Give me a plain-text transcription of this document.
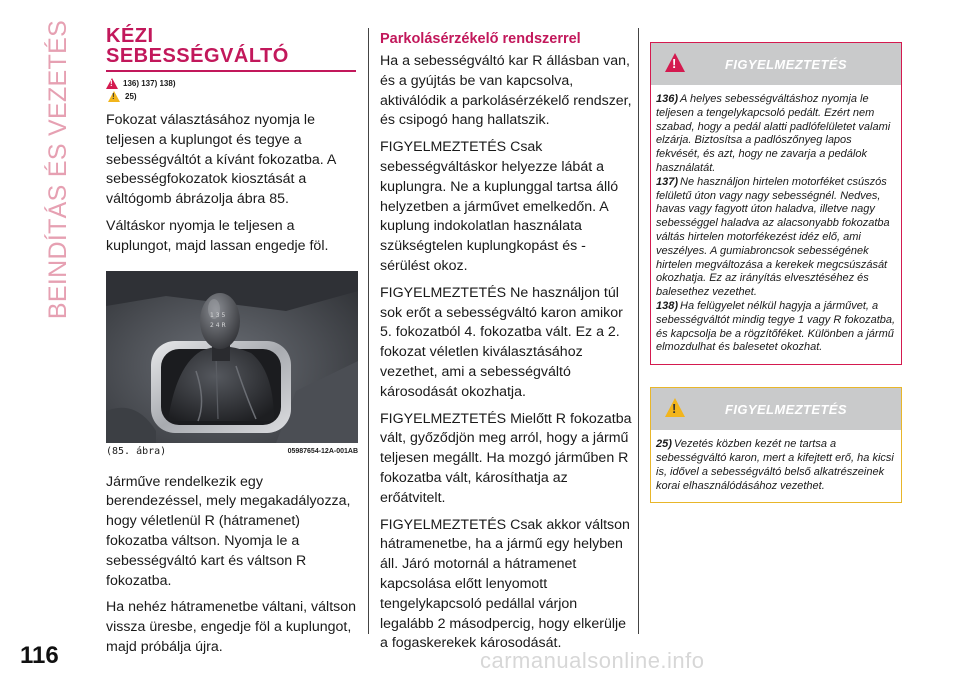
BEINDÍTÁS ÉS VEZETÉS
116
KÉZI
SEBESSÉGVÁLTÓ
!
136) 137) 138)
!
25)

Fokozat választásához nyomja le teljesen a kuplungot és tegye a sebességváltót a kívánt fokozatba. A sebességfokozatok kiosztását a váltógomb ábrázolja ábra 85.

Váltáskor nyomja le teljesen a kuplungot, majd lassan engedje föl.

1 3 5
2 4 R
(85. ábra)	05987654-12A-001AB

Járműve rendelkezik egy berendezéssel, mely megakadályozza, hogy véletlenül R (hátramenet) fokozatba váltson. Nyomja le a sebességváltó kart és váltson R fokozatba.

Ha nehéz hátramenetbe váltani, váltson vissza üresbe, engedje föl a kuplungot, majd próbálja újra.

Parkolásérzékelő rendszerrel

Ha a sebességváltó kar R állásban van, és a gyújtás be van kapcsolva, aktiválódik a parkolásérzékelő rendszer, és csipogó hang hallatszik.

FIGYELMEZTETÉS Csak sebességváltáskor helyezze lábát a kuplungra. Ne a kuplunggal tartsa álló helyzetben a járművet emelkedőn. A kuplung indokolatlan használata szükségtelen kuplungkopást és -sérülést okoz.

FIGYELMEZTETÉS Ne használjon túl sok erőt a sebességváltó karon amikor 5. fokozatból 4. fokozatba vált. Ez a 2. fokozat véletlen kiválasztásához vezethet, ami a sebességváltó károsodását okozhatja.

FIGYELMEZTETÉS Mielőtt R fokozatba vált, győződjön meg arról, hogy a jármű teljesen megállt. Ha mozgó járműben R fokozatba vált, károsíthatja az erőátvitelt.

FIGYELMEZTETÉS Csak akkor váltson hátramenetbe, ha a jármű egy helyben áll. Járó motornál a hátramenet kapcsolása előtt lenyomott tengelykapcsoló pedállal várjon legalább 2 másodpercig, hogy elkerülje a fogaskerekek károsodását.

!
FIGYELMEZTETÉS

136) A helyes sebességváltáshoz nyomja le teljesen a tengelykapcsoló pedált. Ezért nem szabad, hogy a pedál alatti padlófelületet valami elzárja. Biztosítsa a padlószőnyeg lapos fekvését, és azt, hogy ne zavarja a pedálok használatát.

137) Ne használjon hirtelen motorféket csúszós felületű úton vagy nagy sebességnél. Nedves, havas vagy fagyott úton haladva, illetve nagy sebességgel haladva az alacsonyabb fokozatba váltás hirtelen motorfékezést idéz elő, ami veszélyes. A gumiabroncsok sebességének hirtelen megváltozása a kerekek megcsúszását okozhatja. Ez az irányítás elvesztéséhez és balesethez vezethet.

138) Ha felügyelet nélkül hagyja a járművet, a sebességváltót mindig tegye 1 vagy R fokozatba, és kapcsolja be a rögzítőféket. Különben a jármű elmozdulhat és balesetet okozhat.

!
FIGYELMEZTETÉS

25) Vezetés közben kezét ne tartsa a sebességváltó karon, mert a kifejtett erő, ha kicsi is, idővel a sebességváltó belső alkatrészeinek korai elhasználódásához vezethet.

carmanualsonline.info
